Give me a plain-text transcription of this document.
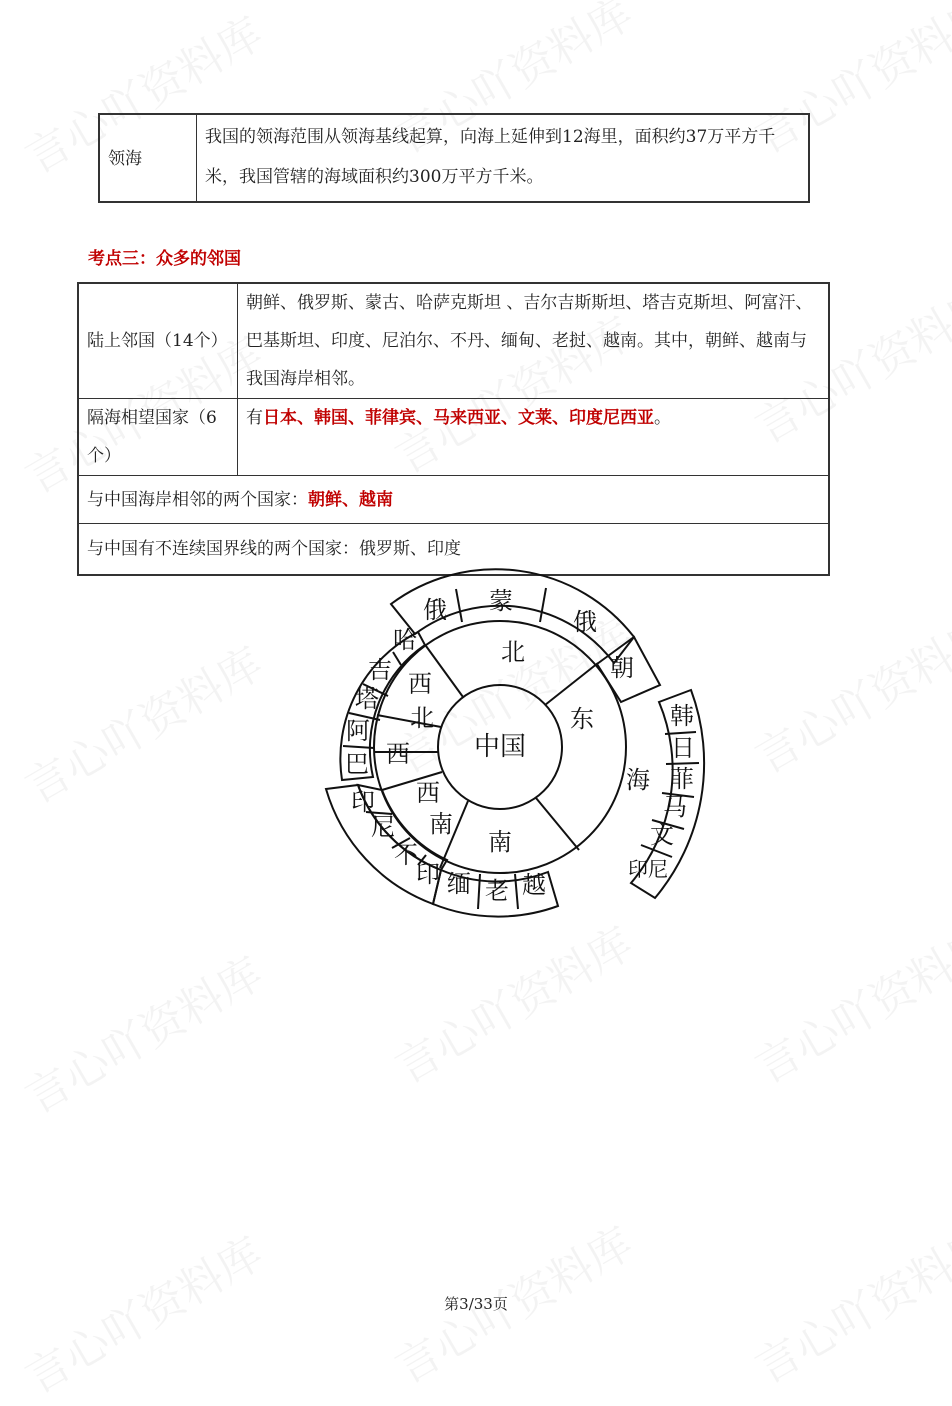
领海	我国的领海范围从领海基线起算，向海上延伸到12海里，面积约37万平方千米，我国管辖的海域面积约300万平方千米。
考点三：众多的邻国
陆上邻国（14个）	朝鲜、俄罗斯、蒙古、哈萨克斯坦 、吉尔吉斯斯坦、塔吉克斯坦、阿富汗、巴基斯坦、印度、尼泊尔、不丹、缅甸、老挝、越南。其中，朝鲜、越南与我国海岸相邻。
隔海相望国家（6个）	有日本、韩国、菲律宾、马来西亚、文莱、印度尼西亚。
与中国海岸相邻的两个国家：朝鲜、越南	
与中国有不连续国界线的两个国家：俄罗斯、印度	
中国
北
东
南
西
西
北
西
南
海
俄 蒙
俄
朝
哈
吉
塔
阿
巴
印
尼
不
印 缅 老 越
韩
日
菲
马
文
印尼
第3/33页
